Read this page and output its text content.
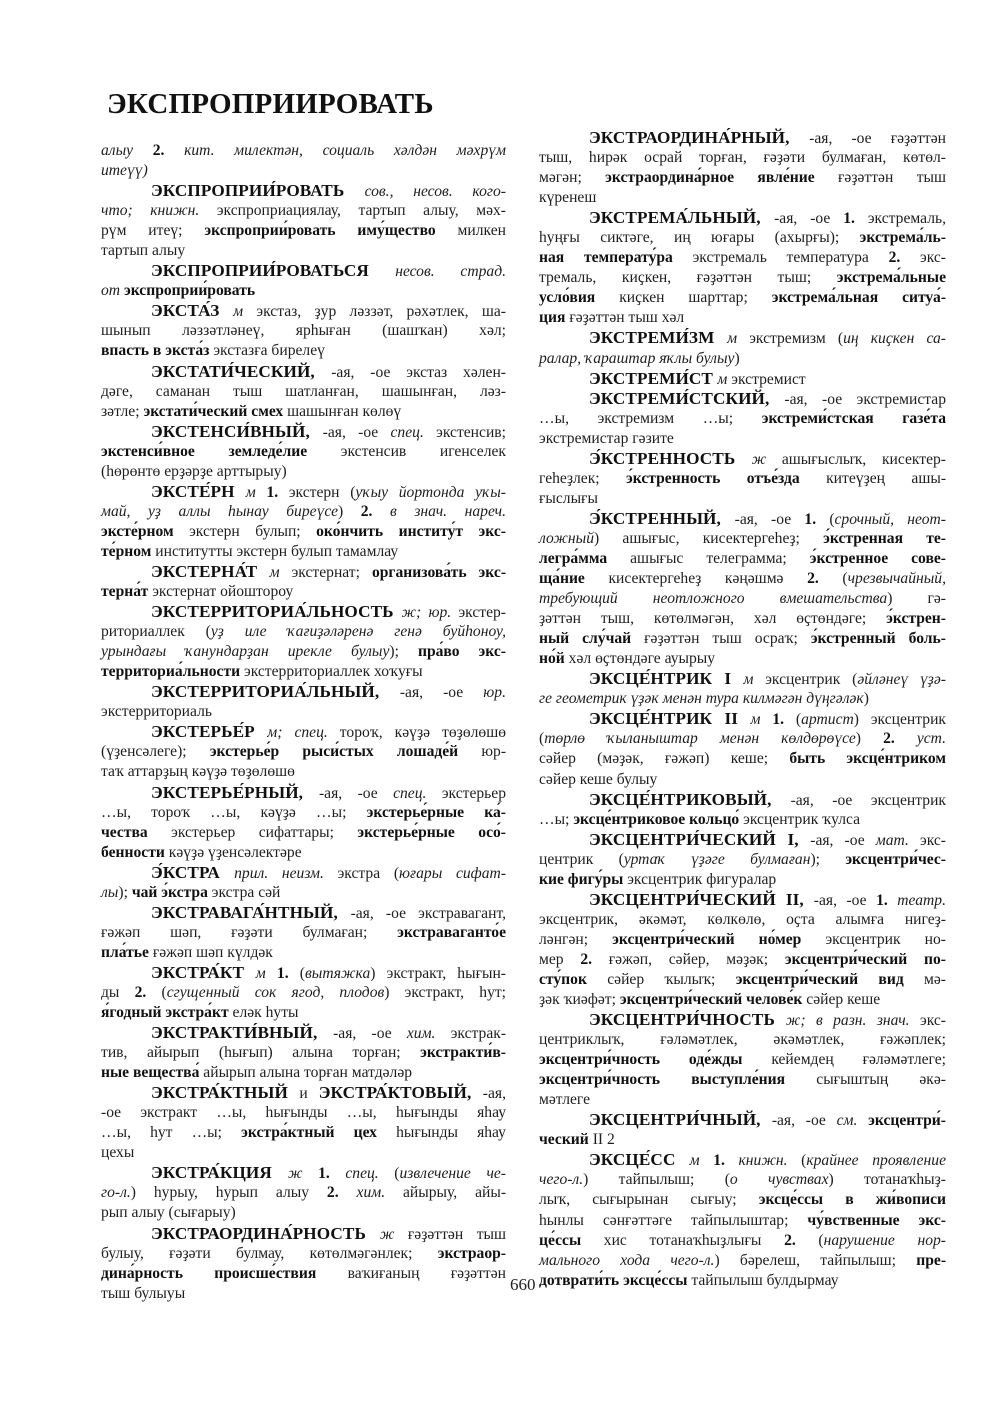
ЭКСПРОПРИИРОВАТЬ
алыу 2. кит. милектән, социаль хәлдән мәхрүм
итеүү)
ЭКСПРОПРИИ́РОВАТЬ сов., несов. кого-
что; книжн. экспроприациялау, тартып алыу, мәх-
рүм итеү; экспроприи́ровать иму́щество милкен
тартып алыу
ЭКСПРОПРИИ́РОВАТЬСЯ несов. страд.
от экспроприи́ровать
ЭКСТА́З м экстаз, ҙур ләззәт, рәхәтлек, ша-
шынып ләззәтләнеү, ярһыған (шашҡан) хәл;
впасть в экста́з экстазға бирелеү
ЭКСТАТИ́ЧЕСКИЙ, -ая, -ое экстаз хәлен-
дәге, саманан тыш шатланған, шашынған, ләз-
зәтле; экстати́ческий смех шашынған көлөү
ЭКСТЕНСИ́ВНЫЙ, -ая, -ое спец. экстенсив;
экстенси́вное земледе́лие экстенсив игенселек
(һөрөнтө ерҙәрҙе арттырыу)
ЭКСТЕ́РН м 1. экстерн (уҡыу йортонда уҡы-
май, уҙ аллы һынау биреүсе) 2. в знач. нареч.
эксте́рном экстерн булып; око́нчить институ́т экс-
те́рном институтты экстерн булып тамамлау
ЭКСТЕРНА́Т м экстернат; организова́ть экс-
терна́т экстернат ойоштороу
ЭКСТЕРРИТОРИА́ЛЬНОСТЬ ж; юр. экстер-
риториаллек (уҙ иле ҡағиҙәләренә генә буйһоноу,
урындағы ҡанундарҙан ирекле булыу); пра́во экс-
территориа́льности экстерриториаллек хоҡуғы
ЭКСТЕРРИТОРИА́ЛЬНЫЙ, -ая, -ое юр.
экстерриториаль
ЭКСТЕРЬЕ́Р м; спец. тороҡ, кәүҙә төҙөлөшө
(үҙенсәлеге); экстерье́р рыси́стых лошаде́й юр-
таҡ аттарҙың кәүҙә төҙөлөшө
ЭКСТЕРЬЕ́РНЫЙ, -ая, -ое спец. экстерьер
…ы, тороҡ …ы, кәүҙә …ы; экстерье́рные ка́-
чества экстерьер сифаттары; экстерье́рные осо́-
бенности кәүҙә үҙенсәлектәре
Э́КСТРА прил. неизм. экстра (юғары сифат-
лы); чай э́кстра экстра сәй
ЭКСТРАВАГА́НТНЫЙ, -ая, -ое экстравагант,
ғәжәп шәп, ғәҙәти булмаған; экстраваганто́е
пла́тье ғәжәп шәп күлдәк
ЭКСТРА́КТ м 1. (вытяжка) экстракт, һығын-
ды 2. (сгущенный сок ягод, плодов) экстракт, һут;
я́годный экстра́кт еләк һуты
ЭКСТРАКТИ́ВНЫЙ, -ая, -ое хим. экстрак-
тив, айырып (һығып) алына торған; экстракти́в-
ные вещества́ айырып алына торған матдәләр
ЭКСТРА́КТНЫЙ и ЭКСТРА́КТОВЫЙ, -ая,
-ое экстракт …ы, һығынды …ы, һығынды яһау
…ы, һут …ы; экстра́ктный цех һығынды яһау
цехы
ЭКСТРА́КЦИЯ ж 1. спец. (извлечение че-
го-л.) һурыу, һурып алыу 2. хим. айырыу, айы-
рып алыу (сығарыу)
ЭКСТРАОРДИНА́РНОСТЬ ж ғәҙәттән тыш
булыу, ғәҙәти булмау, көтөлмәгәнлек; экстраор-
дина́рность происше́ствия ваҡиғаның ғәҙәттән
тыш булыуы
ЭКСТРАОРДИНА́РНЫЙ, -ая, -ое ғәҙәттән
тыш, һирәк осрай торған, ғәҙәти булмаған, көтөл-
мәгән; экстраордина́рное явле́ние ғәҙәттән тыш
күренеш
ЭКСТРЕМА́ЛЬНЫЙ, -ая, -ое 1. экстремаль,
һуңғы сиктәге, иң юғары (ахырғы); экстрема́ль-
ная температу́ра экстремаль температура 2. экс-
тремаль, киҫкен, ғәҙәттән тыш; экстрема́льные
усло́вия киҫкен шарттар; экстрема́льная ситуа́-
ция ғәҙәттән тыш хәл
ЭКСТРЕМИ́ЗМ м экстремизм (иң киҫкен са-
ралар, ҡараштар яҡлы булыу)
ЭКСТРЕМИ́СТ м экстремист
ЭКСТРЕМИ́СТСКИЙ, -ая, -ое экстремистар
…ы, экстремизм …ы; экстреми́стская газе́та
экстремистар гәзите
Э́КСТРЕННОСТЬ ж ашығыслыҡ, кисектер-
геһеҙлек; э́кстренность отъе́зда китеүҙең ашы-
ғыслығы
Э́КСТРЕННЫЙ, -ая, -ое 1. (срочный, неот-
ложный) ашығыс, кисектергеһеҙ; э́кстренная те-
легра́мма ашығыс телеграмма; э́кстренное сове-
ща́ние кисектергеһеҙ кәңәшмә 2. (чрезвычайный,
требующий неотложного вмешательства) гә-
ҙәттән тыш, көтөлмәгән, хәл өҫтөндәге; э́кстрен-
ный слу́чай ғәҙәттән тыш осраҡ; э́кстренный боль-
но́й хәл өҫтөндәге ауырыу
ЭКСЦЕ́НТРИК I м эксцентрик (әйләнеү үҙә-
ге геометрик үҙәк менән тура килмәгән дүңгәләк)
ЭКСЦЕ́НТРИК II м 1. (артист) эксцентрик
(төрлө ҡыланыштар менән көлдөрөүсе) 2. уст.
сәйер (мәҙәк, ғәжәп) кеше; быть эксце́нтриком
сәйер кеше булыу
ЭКСЦЕ́НТРИКОВЫЙ, -ая, -ое эксцентрик
…ы; эксце́нтриковое кольцо́ эксцентрик ҡулса
ЭКСЦЕНТРИ́ЧЕСКИЙ I, -ая, -ое мат. экс-
центрик (уртаҡ үҙәге булмаған); эксцентри́чес-
кие фигу́ры эксцентрик фигуралар
ЭКСЦЕНТРИ́ЧЕСКИЙ II, -ая, -ое 1. театр.
эксцентрик, әкәмәт, көлкөлө, оҫта алымға нигеҙ-
ләнгән; эксцентри́ческий но́мер эксцентрик но-
мер 2. ғәжәп, сәйер, мәҙәк; эксцентри́ческий по-
сту́пок сәйер ҡылыҡ; эксцентри́ческий вид мә-
ҙәк ҡиәфәт; эксцентри́ческий челове́к сәйер кеше
ЭКСЦЕНТРИ́ЧНОСТЬ ж; в разн. знач. экс-
центриклыҡ, ғәләмәтлек, әкәмәтлек, ғәжәплек;
эксцентри́чность оде́жды кейемдең ғәләмәтлеге;
эксцентри́чность выступле́ния сығыштың әкә-
мәтлеге
ЭКСЦЕНТРИ́ЧНЫЙ, -ая, -ое см. эксцентри́-
ческий II 2
ЭКСЦЕ́СС м 1. книжн. (крайнее проявление
чего-л.) тайпылыш; (о чувствах) тотанаҡһыҙ-
лыҡ, сығырынан сығыу; эксце́ссы в жи́вописи
һынлы сәнғәттәге тайпылыштар; чу́вственные экс-
це́ссы хис тотанаҡһыҙлығы 2. (нарушение нор-
мального хода чего-л.) бәрелеш, тайпылыш; пре-
дотврати́ть эксце́ссы тайпылыш булдырмау
660
